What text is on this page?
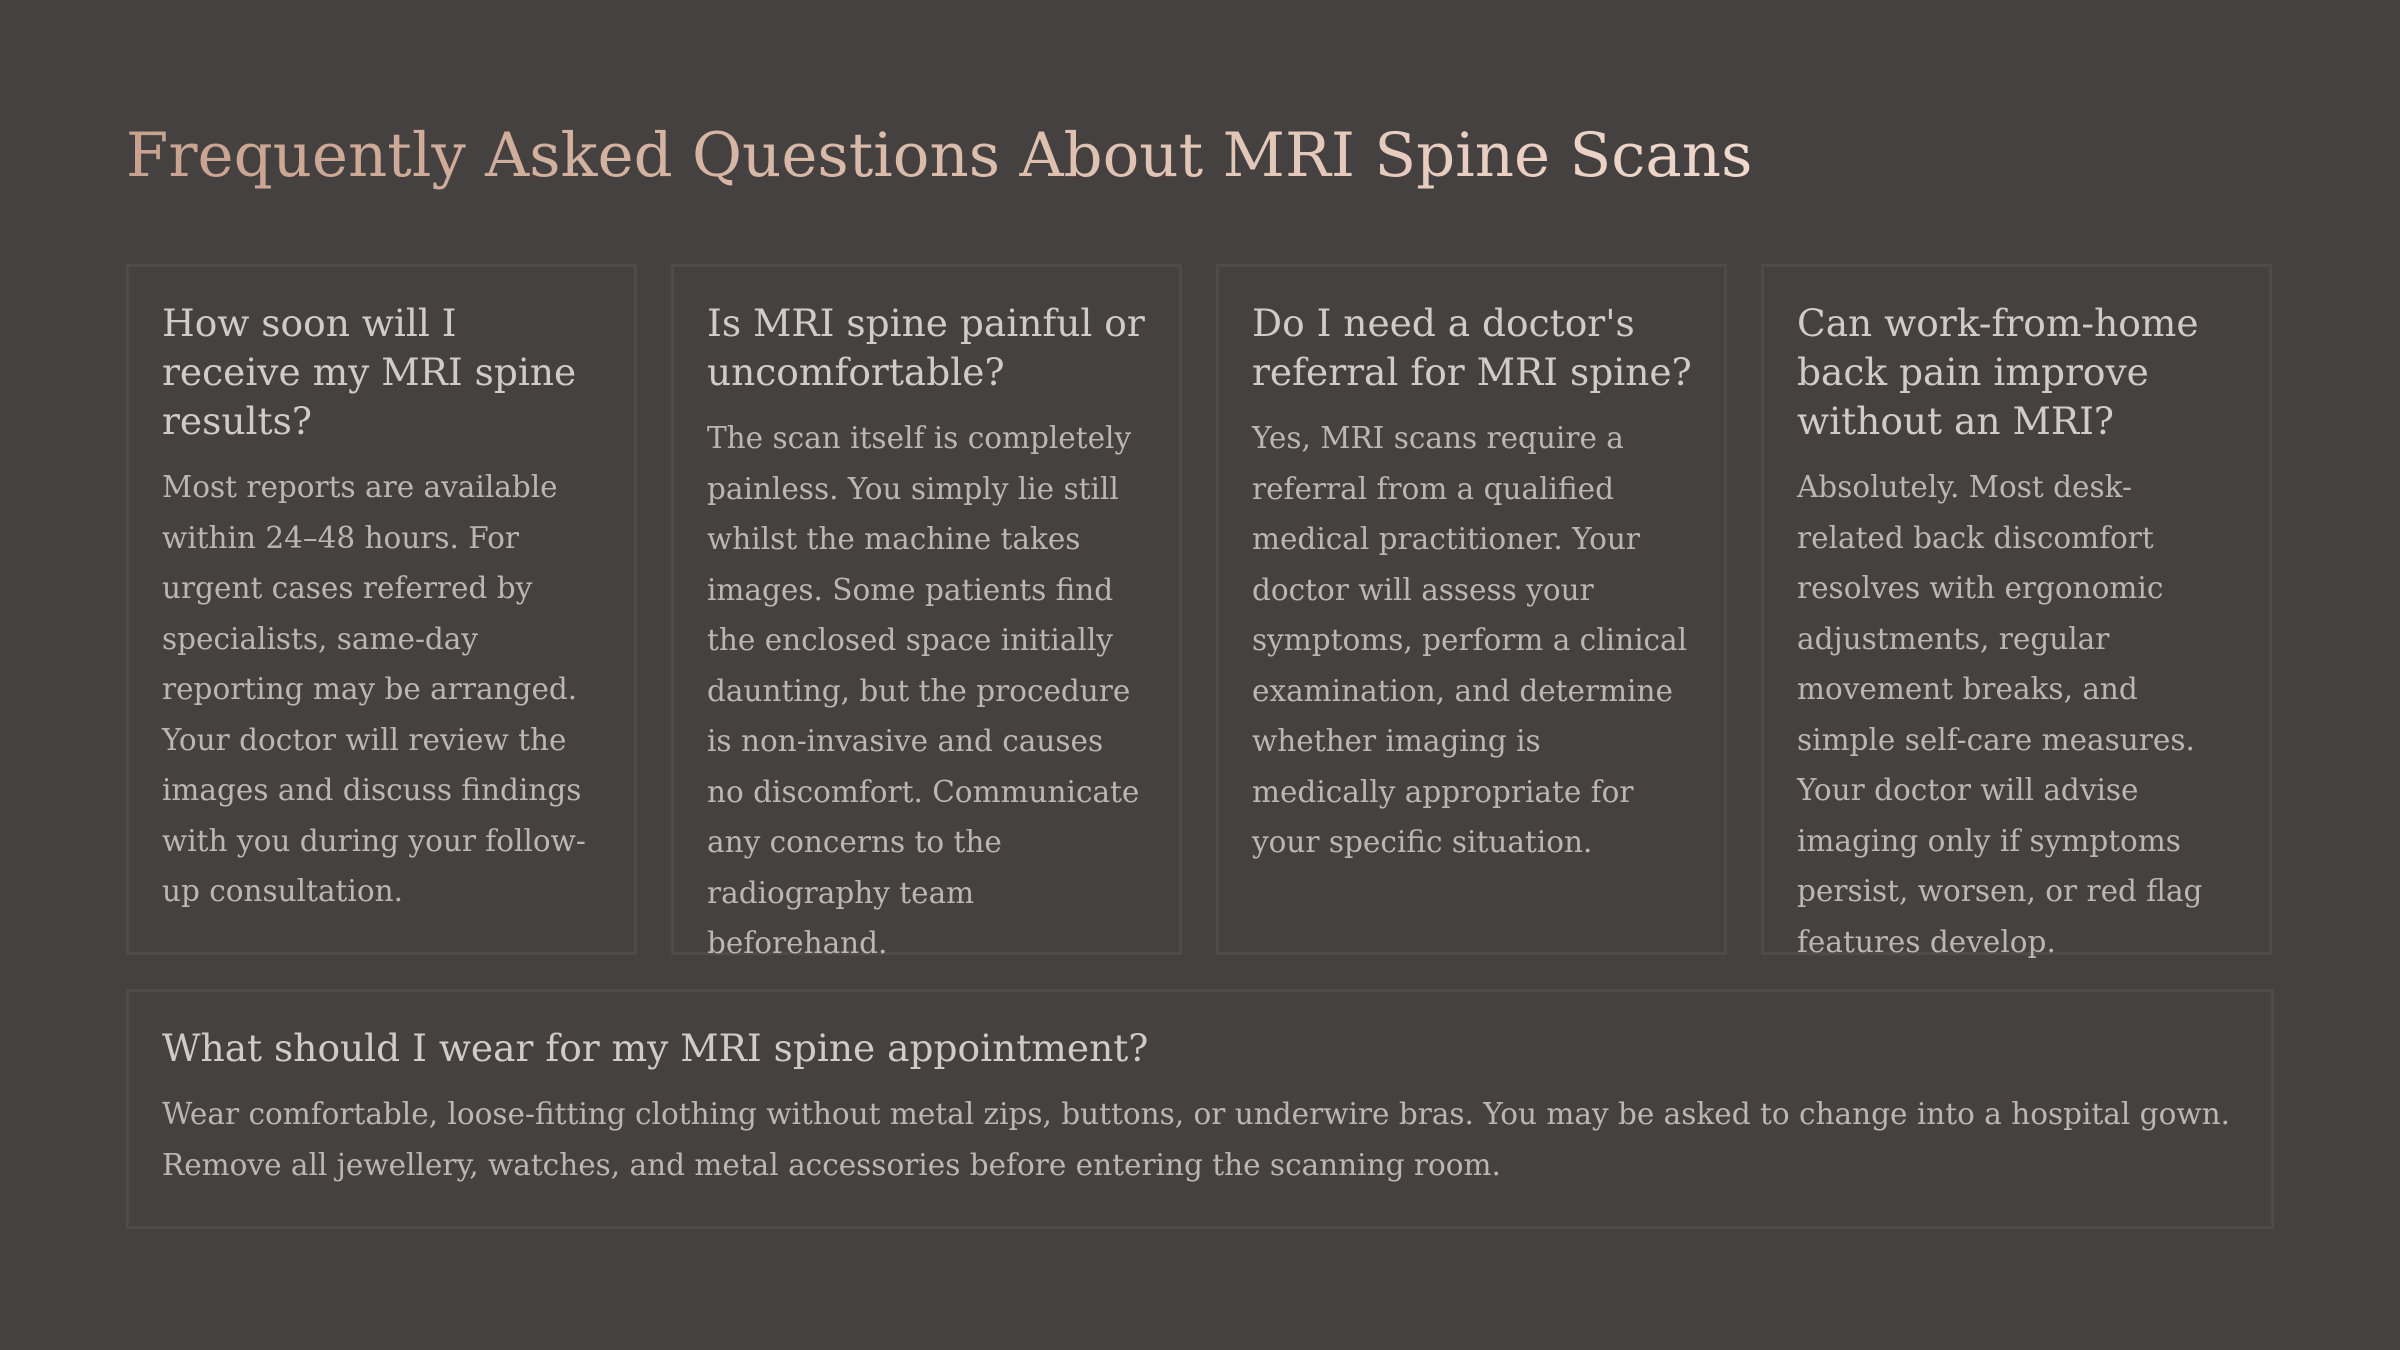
Frequently Asked Questions About MRI Spine Scans
How soon will I receive my MRI spine results?

Most reports are available within 24–48 hours. For urgent cases referred by specialists, same-day reporting may be arranged. Your doctor will review the images and discuss findings with you during your follow-up consultation.

Is MRI spine painful or uncomfortable?

The scan itself is completely painless. You simply lie still whilst the machine takes images. Some patients find the enclosed space initially daunting, but the procedure is non-invasive and causes no discomfort. Communicate any concerns to the radiography team beforehand.

Do I need a doctor's referral for MRI spine?

Yes, MRI scans require a referral from a qualified medical practitioner. Your doctor will assess your symptoms, perform a clinical examination, and determine whether imaging is medically appropriate for your specific situation.

Can work-from-home back pain improve without an MRI?

Absolutely. Most desk-related back discomfort resolves with ergonomic adjustments, regular movement breaks, and simple self-care measures. Your doctor will advise imaging only if symptoms persist, worsen, or red flag features develop.

What should I wear for my MRI spine appointment?

Wear comfortable, loose-fitting clothing without metal zips, buttons, or underwire bras. You may be asked to change into a hospital gown. Remove all jewellery, watches, and metal accessories before entering the scanning room.
